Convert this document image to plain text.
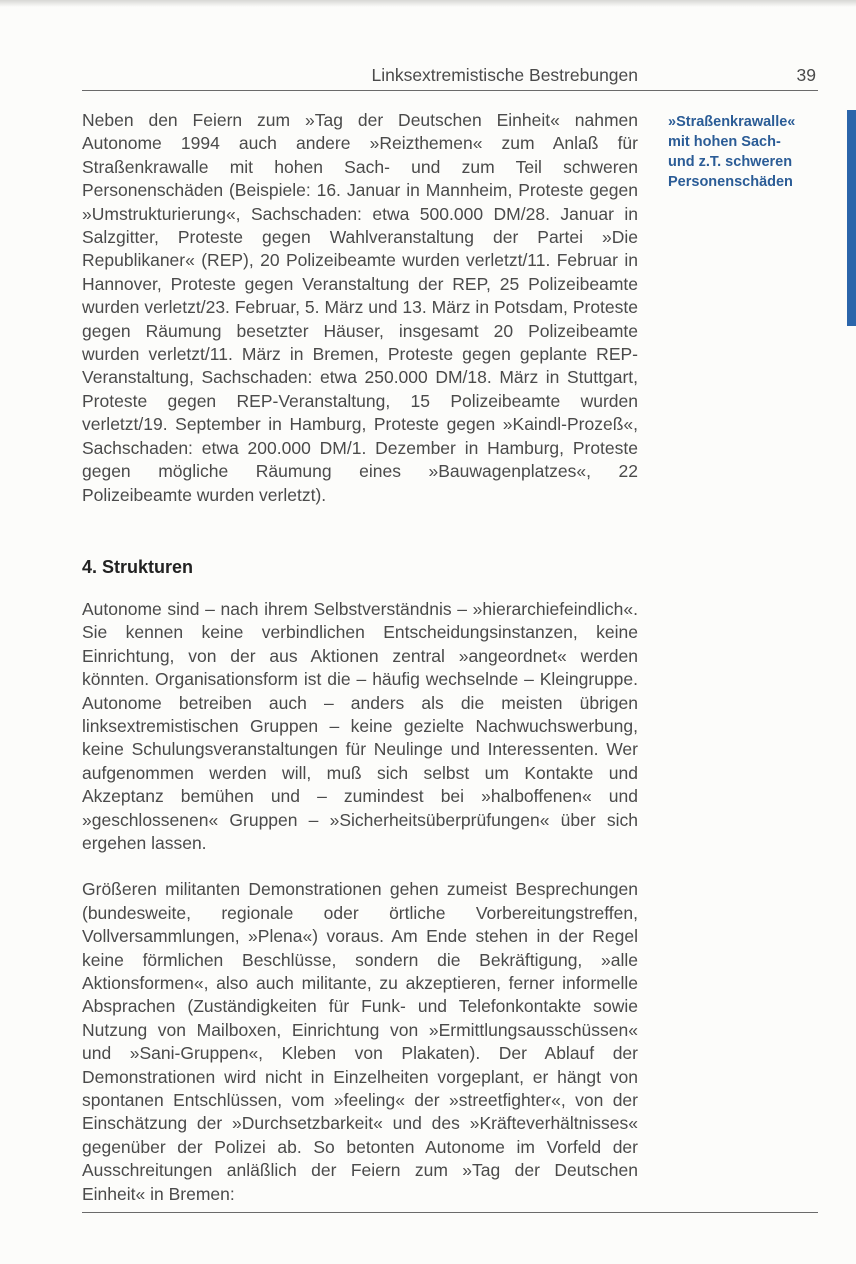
Linksextremistische Bestrebungen	39

Neben den Feiern zum »Tag der Deutschen Einheit« nahmen Autonome 1994 auch andere »Reizthemen« zum Anlaß für Straßenkrawalle mit hohen Sach- und zum Teil schweren Personenschäden (Beispiele: 16. Januar in Mannheim, Proteste gegen »Umstrukturierung«, Sachschaden: etwa 500.000 DM/28. Januar in Salzgitter, Proteste gegen Wahlveranstaltung der Partei »Die Republikaner« (REP), 20 Polizeibeamte wurden verletzt/11. Februar in Hannover, Proteste gegen Veranstaltung der REP, 25 Polizeibeamte wurden verletzt/23. Februar, 5. März und 13. März in Potsdam, Proteste gegen Räumung besetzter Häuser, insgesamt 20 Polizeibeamte wurden verletzt/11. März in Bremen, Proteste gegen geplante REP-Veranstaltung, Sachschaden: etwa 250.000 DM/18. März in Stuttgart, Proteste gegen REP-Veranstaltung, 15 Polizeibeamte wurden verletzt/19. September in Hamburg, Proteste gegen »Kaindl-Prozeß«, Sachschaden: etwa 200.000 DM/1. Dezember in Hamburg, Proteste gegen mögliche Räumung eines »Bauwagenplatzes«, 22 Polizeibeamte wurden verletzt).

4. Strukturen

Autonome sind – nach ihrem Selbstverständnis – »hierarchiefeindlich«. Sie kennen keine verbindlichen Entscheidungsinstanzen, keine Einrichtung, von der aus Aktionen zentral »angeordnet« werden könnten. Organisationsform ist die – häufig wechselnde – Kleingruppe. Autonome betreiben auch – anders als die meisten übrigen linksextremistischen Gruppen – keine gezielte Nachwuchswerbung, keine Schulungsveranstaltungen für Neulinge und Interessenten. Wer aufgenommen werden will, muß sich selbst um Kontakte und Akzeptanz bemühen und – zumindest bei »halboffenen« und »geschlossenen« Gruppen – »Sicherheitsüberprüfungen« über sich ergehen lassen.

Größeren militanten Demonstrationen gehen zumeist Besprechungen (bundesweite, regionale oder örtliche Vorbereitungstreffen, Vollversammlungen, »Plena«) voraus. Am Ende stehen in der Regel keine förmlichen Beschlüsse, sondern die Bekräftigung, »alle Aktionsformen«, also auch militante, zu akzeptieren, ferner informelle Absprachen (Zuständigkeiten für Funk- und Telefonkontakte sowie Nutzung von Mailboxen, Einrichtung von »Ermittlungsausschüssen« und »Sani-Gruppen«, Kleben von Plakaten). Der Ablauf der Demonstrationen wird nicht in Einzelheiten vorgeplant, er hängt von spontanen Entschlüssen, vom »feeling« der »streetfighter«, von der Einschätzung der »Durchsetzbarkeit« und des »Kräfteverhältnisses« gegenüber der Polizei ab. So betonten Autonome im Vorfeld der Ausschreitungen anläßlich der Feiern zum »Tag der Deutschen Einheit« in Bremen:

»Straßenkrawalle«
mit hohen Sach-
und z.T. schweren
Personenschäden
